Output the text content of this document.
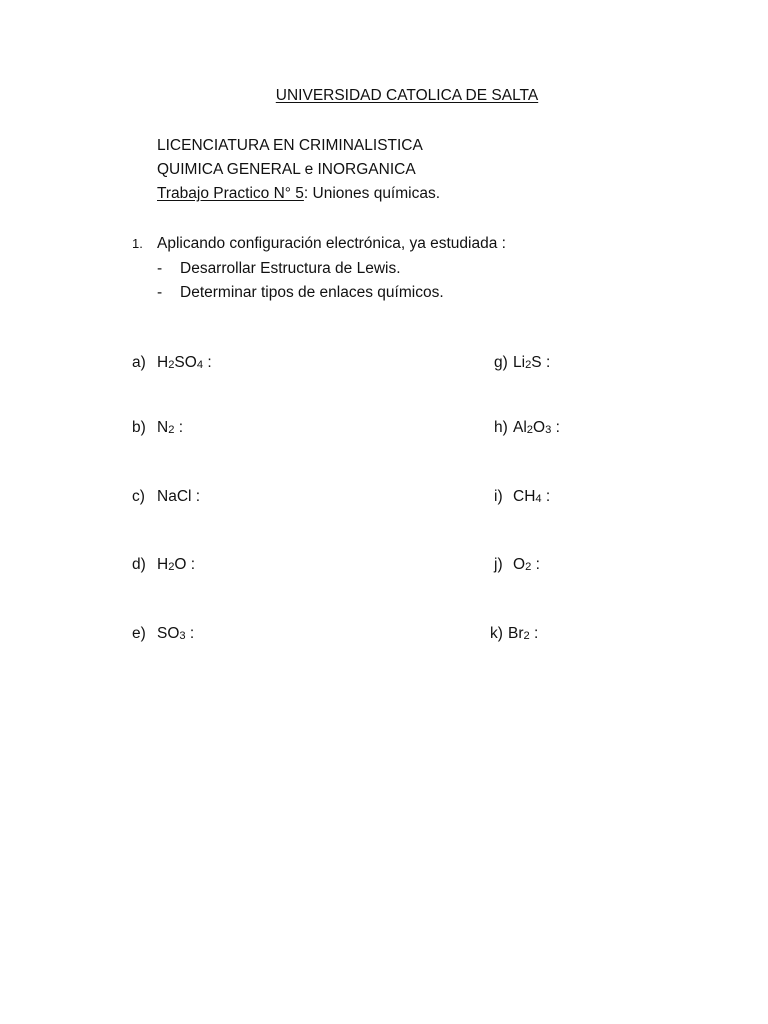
UNIVERSIDAD CATOLICA DE SALTA
LICENCIATURA EN CRIMINALISTICA
QUIMICA GENERAL e INORGANICA
Trabajo Practico N° 5: Uniones químicas.
1. Aplicando configuración electrónica, ya estudiada :
- Desarrollar Estructura de Lewis.
- Determinar tipos de enlaces químicos.
a) H2SO4 :
b) N2 :
c) NaCl :
d) H2O :
e) SO3 :
g) Li2S :
h) Al2O3 :
i) CH4 :
j) O2 :
k) Br2 :
